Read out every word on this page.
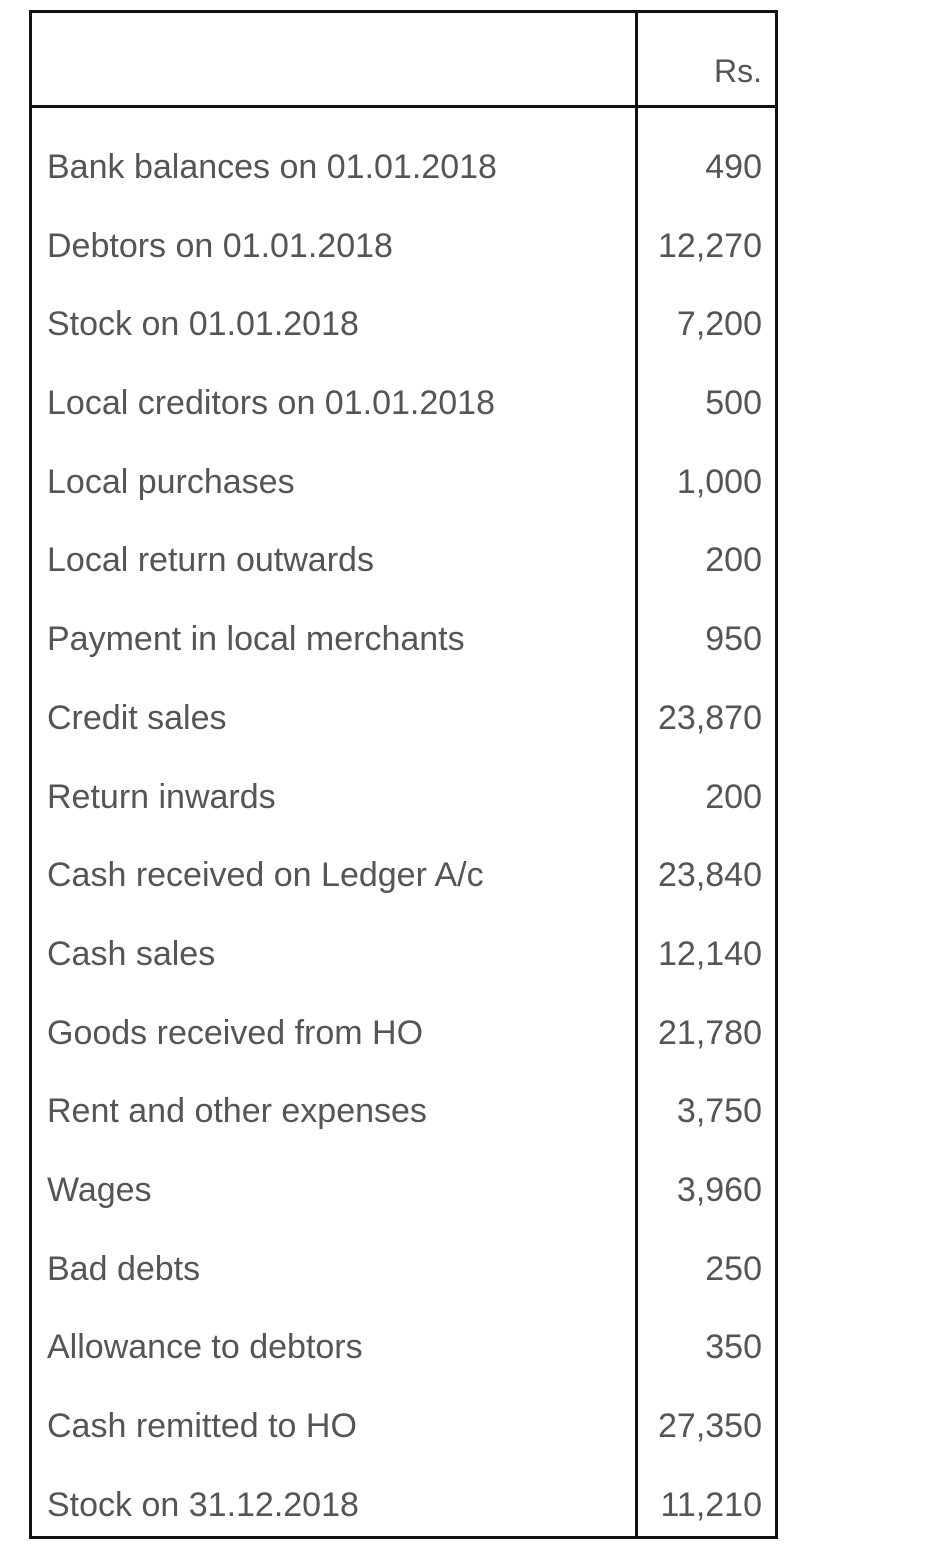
Rs.
Bank balances on 01.01.2018	490
Debtors on 01.01.2018	12,270
Stock on 01.01.2018	7,200
Local creditors on 01.01.2018	500
Local purchases	1,000
Local return outwards	200
Payment in local merchants	950
Credit sales	23,870
Return inwards	200
Cash received on Ledger A/c	23,840
Cash sales	12,140
Goods received from HO	21,780
Rent and other expenses	3,750
Wages	3,960
Bad debts	250
Allowance to debtors	350
Cash remitted to HO	27,350
Stock on 31.12.2018	11,210
